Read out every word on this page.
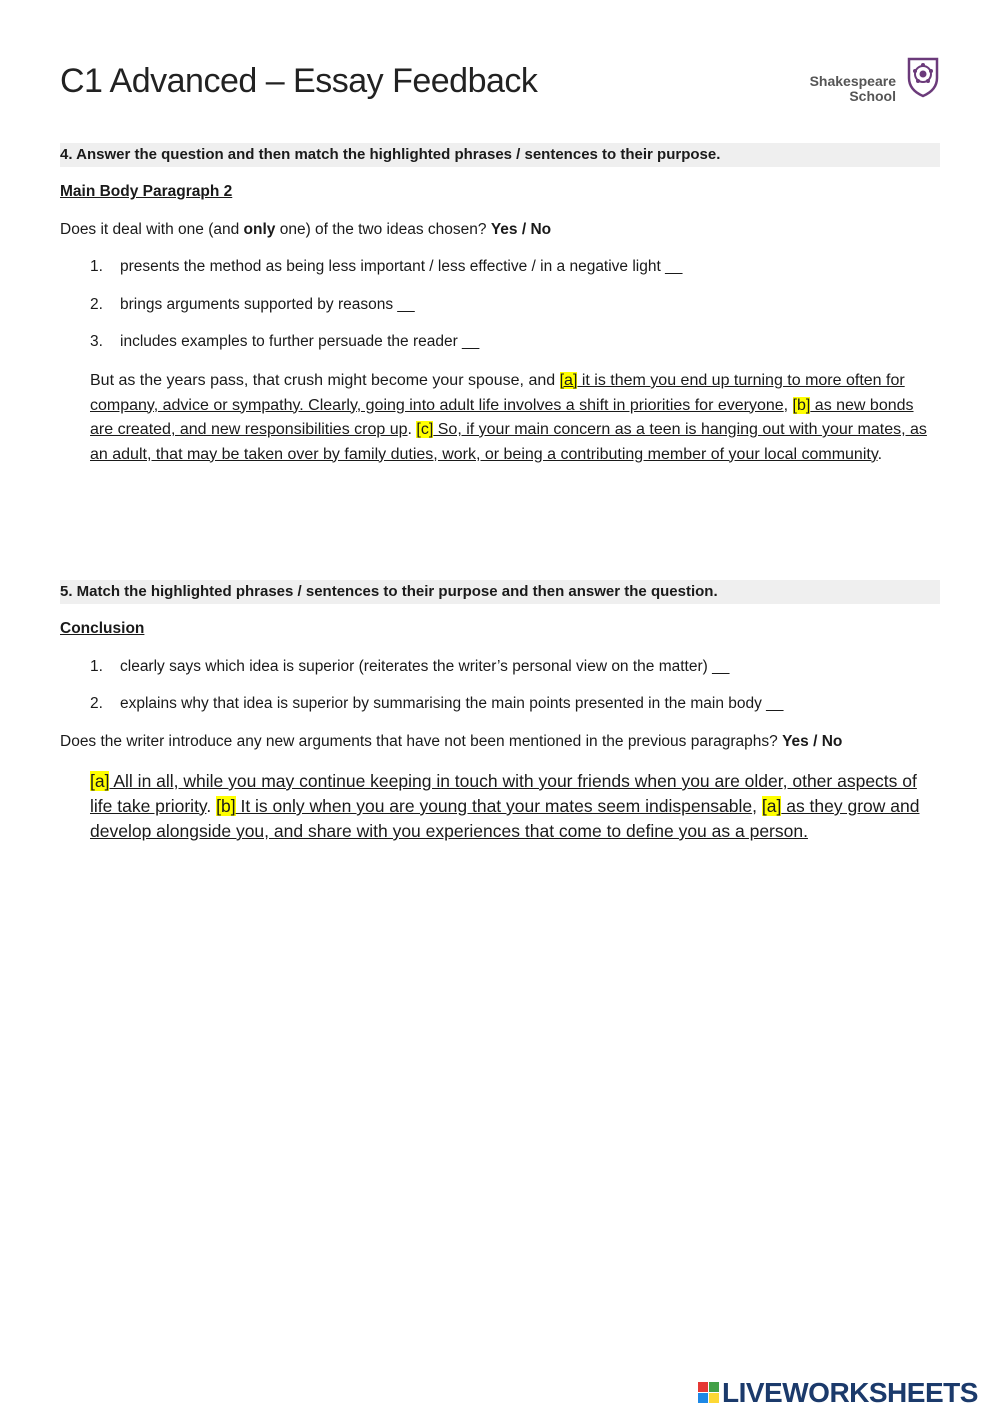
C1 Advanced – Essay Feedback	Shakespeare
School
4. Answer the question and then match the highlighted phrases / sentences to their purpose.
Main Body Paragraph 2
Does it deal with one (and only one) of the two ideas chosen? Yes / No
1. presents the method as being less important / less effective / in a negative light __
2. brings arguments supported by reasons __
3. includes examples to further persuade the reader __
But as the years pass, that crush might become your spouse, and [a] it is them you end up turning to more often for company, advice or sympathy. Clearly, going into adult life involves a shift in priorities for everyone, [b] as new bonds are created, and new responsibilities crop up. [c] So, if your main concern as a teen is hanging out with your mates, as an adult, that may be taken over by family duties, work, or being a contributing member of your local community.
5. Match the highlighted phrases / sentences to their purpose and then answer the question.
Conclusion
1. clearly says which idea is superior (reiterates the writer’s personal view on the matter) __
2. explains why that idea is superior by summarising the main points presented in the main body __
Does the writer introduce any new arguments that have not been mentioned in the previous paragraphs? Yes / No
[a] All in all, while you may continue keeping in touch with your friends when you are older, other aspects of life take priority. [b] It is only when you are young that your mates seem indispensable, [a] as they grow and develop alongside you, and share with you experiences that come to define you as a person.
LIVEWORKSHEETS
